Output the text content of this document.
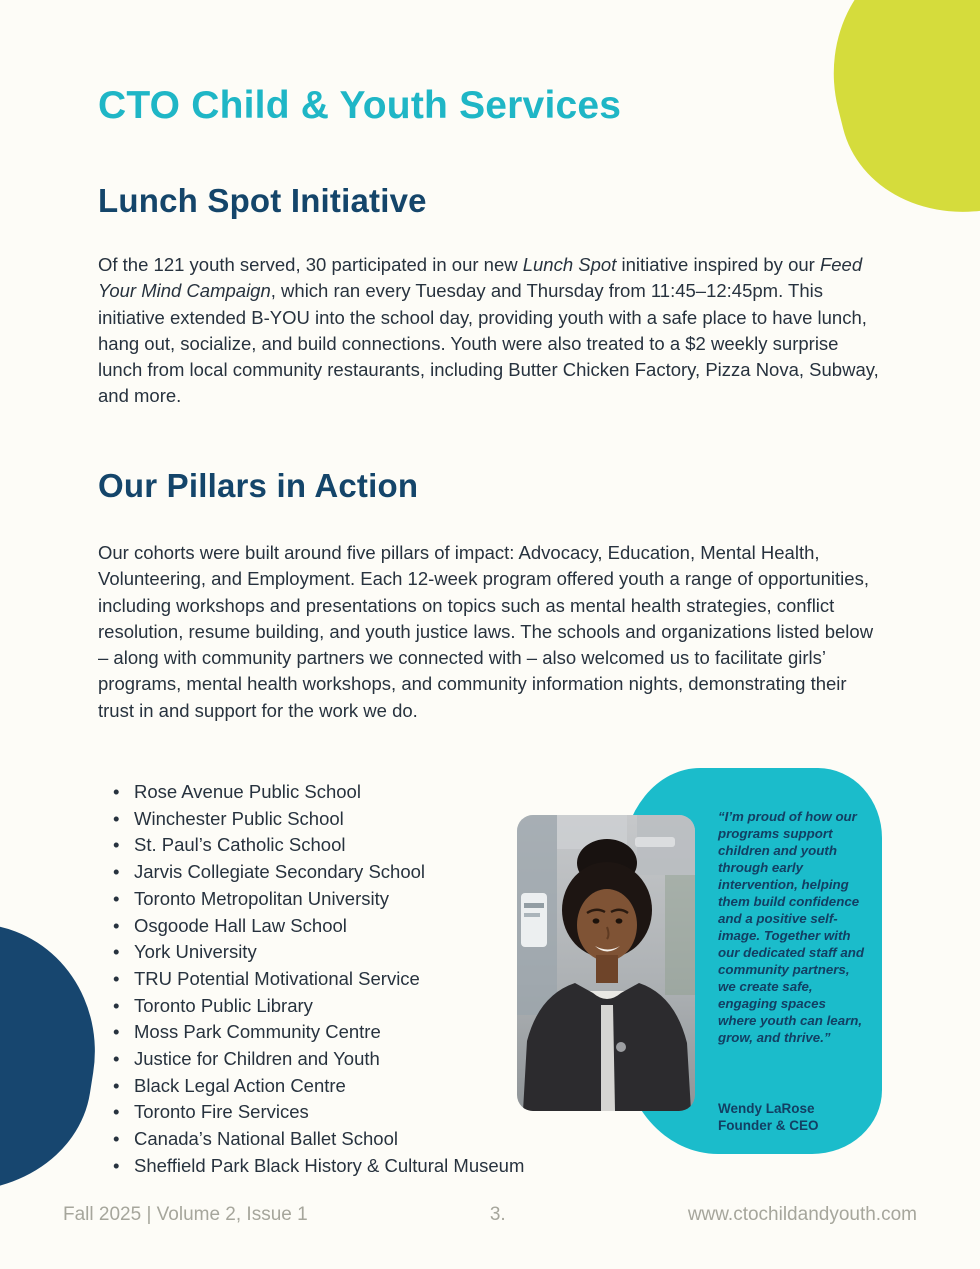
CTO Child & Youth Services
Lunch Spot Initiative

Of the 121 youth served, 30 participated in our new Lunch Spot initiative inspired by our Feed Your Mind Campaign, which ran every Tuesday and Thursday from 11:45–12:45pm. This initiative extended B-YOU into the school day, providing youth with a safe place to have lunch, hang out, socialize, and build connections. Youth were also treated to a $2 weekly surprise lunch from local community restaurants, including Butter Chicken Factory, Pizza Nova, Subway, and more.

Our Pillars in Action

Our cohorts were built around five pillars of impact: Advocacy, Education, Mental Health, Volunteering, and Employment. Each 12-week program offered youth a range of opportunities, including workshops and presentations on topics such as mental health strategies, conflict resolution, resume building, and youth justice laws. The schools and organizations listed below – along with community partners we connected with – also welcomed us to facilitate girls’ programs, mental health workshops, and community information nights, demonstrating their trust in and support for the work we do.

• Rose Avenue Public School
• Winchester Public School
• St. Paul’s Catholic School
• Jarvis Collegiate Secondary School
• Toronto Metropolitan University
• Osgoode Hall Law School
• York University
• TRU Potential Motivational Service
• Toronto Public Library
• Moss Park Community Centre
• Justice for Children and Youth
• Black Legal Action Centre
• Toronto Fire Services
• Canada’s National Ballet School
• Sheffield Park Black History & Cultural Museum
“I’m proud of how our programs support children and youth through early intervention, helping them build confidence and a positive self-image. Together with our dedicated staff and community partners, we create safe, engaging spaces where youth can learn, grow, and thrive.”
Wendy LaRose
Founder & CEO
Fall 2025 | Volume 2, Issue 1	3.	www.ctochildandyouth.com
